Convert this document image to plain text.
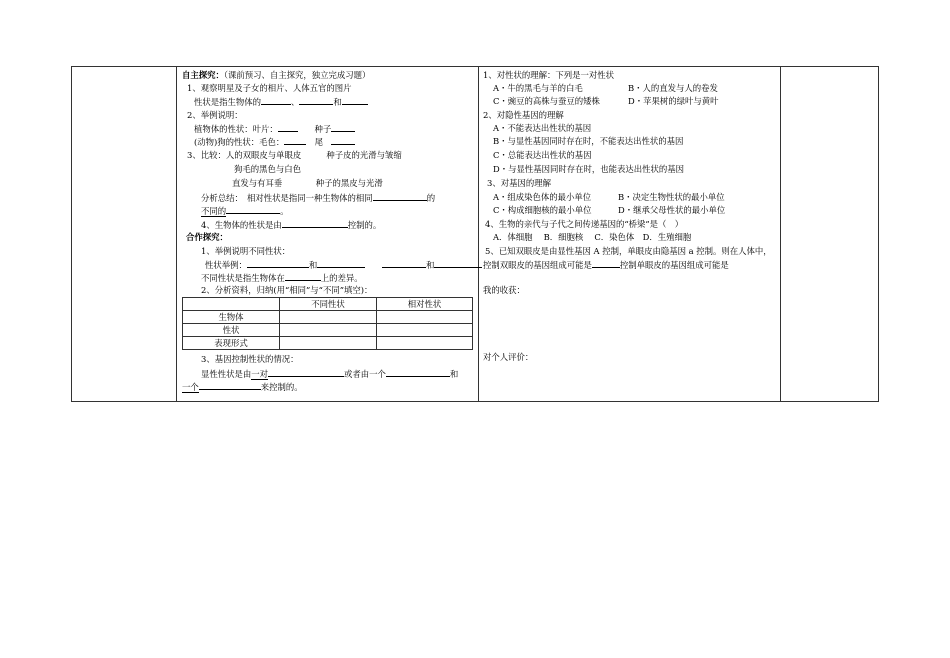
自主探究：（课前预习、自主探究，独立完成习题）
1、观察明星及子女的相片、人体五官的图片
性状是指生物体的	、	和
2、举例说明：
植物体的性状：叶片：　　	种子
(动物)狗的性状：毛色：　	尾　
3、比较：人的双眼皮与单眼皮　　　	种子皮的光滑与皱缩
狗毛的黑色与白色
直发与有耳垂　　　　	种子的黑皮与光滑
分析总结：　相对性状是指同一种生物体的相同	的
不同的	。
4、生物体的性状是由	控制的。
合作探究：
1、举例说明不同性状：
性状举例：	和　　	和
不同性状是指生物体在	上的差异。
2、分析资料，归纳(用“相同”与“不同”填空)：
	不同性状	相对性状
生物体		
性状		
表现形式		
3、基因控制性状的情况：
显性性状是由一对	或者由一个	和
一个	来控制的。
1、对性状的理解：下列是一对性状
A・牛的黑毛与羊的白毛	B・人的直发与人的卷发
C・豌豆的高株与蚕豆的矮株	D・苹果树的绿叶与黄叶
2、对隐性基因的理解
A・不能表达出性状的基因
B・与显性基因同时存在时，不能表达出性状的基因
C・总能表达出性状的基因
D・与显性基因同时存在时，也能表达出性状的基因
3、对基因的理解
A・组成染色体的最小单位	B・决定生物性状的最小单位
C・构成细胞核的最小单位	D・继承父母性状的最小单位
4、生物的亲代与子代之间传递基因的“桥梁”是（　）
A．体细胞　 B．细胞核　 C．染色体　 D．生殖细胞
5、已知双眼皮是由显性基因 A 控制，单眼皮由隐基因 a 控制。则在人体中，
控制双眼皮的基因组成可能是	控制单眼皮的基因组成可能是
我的收获：
对个人评价：
